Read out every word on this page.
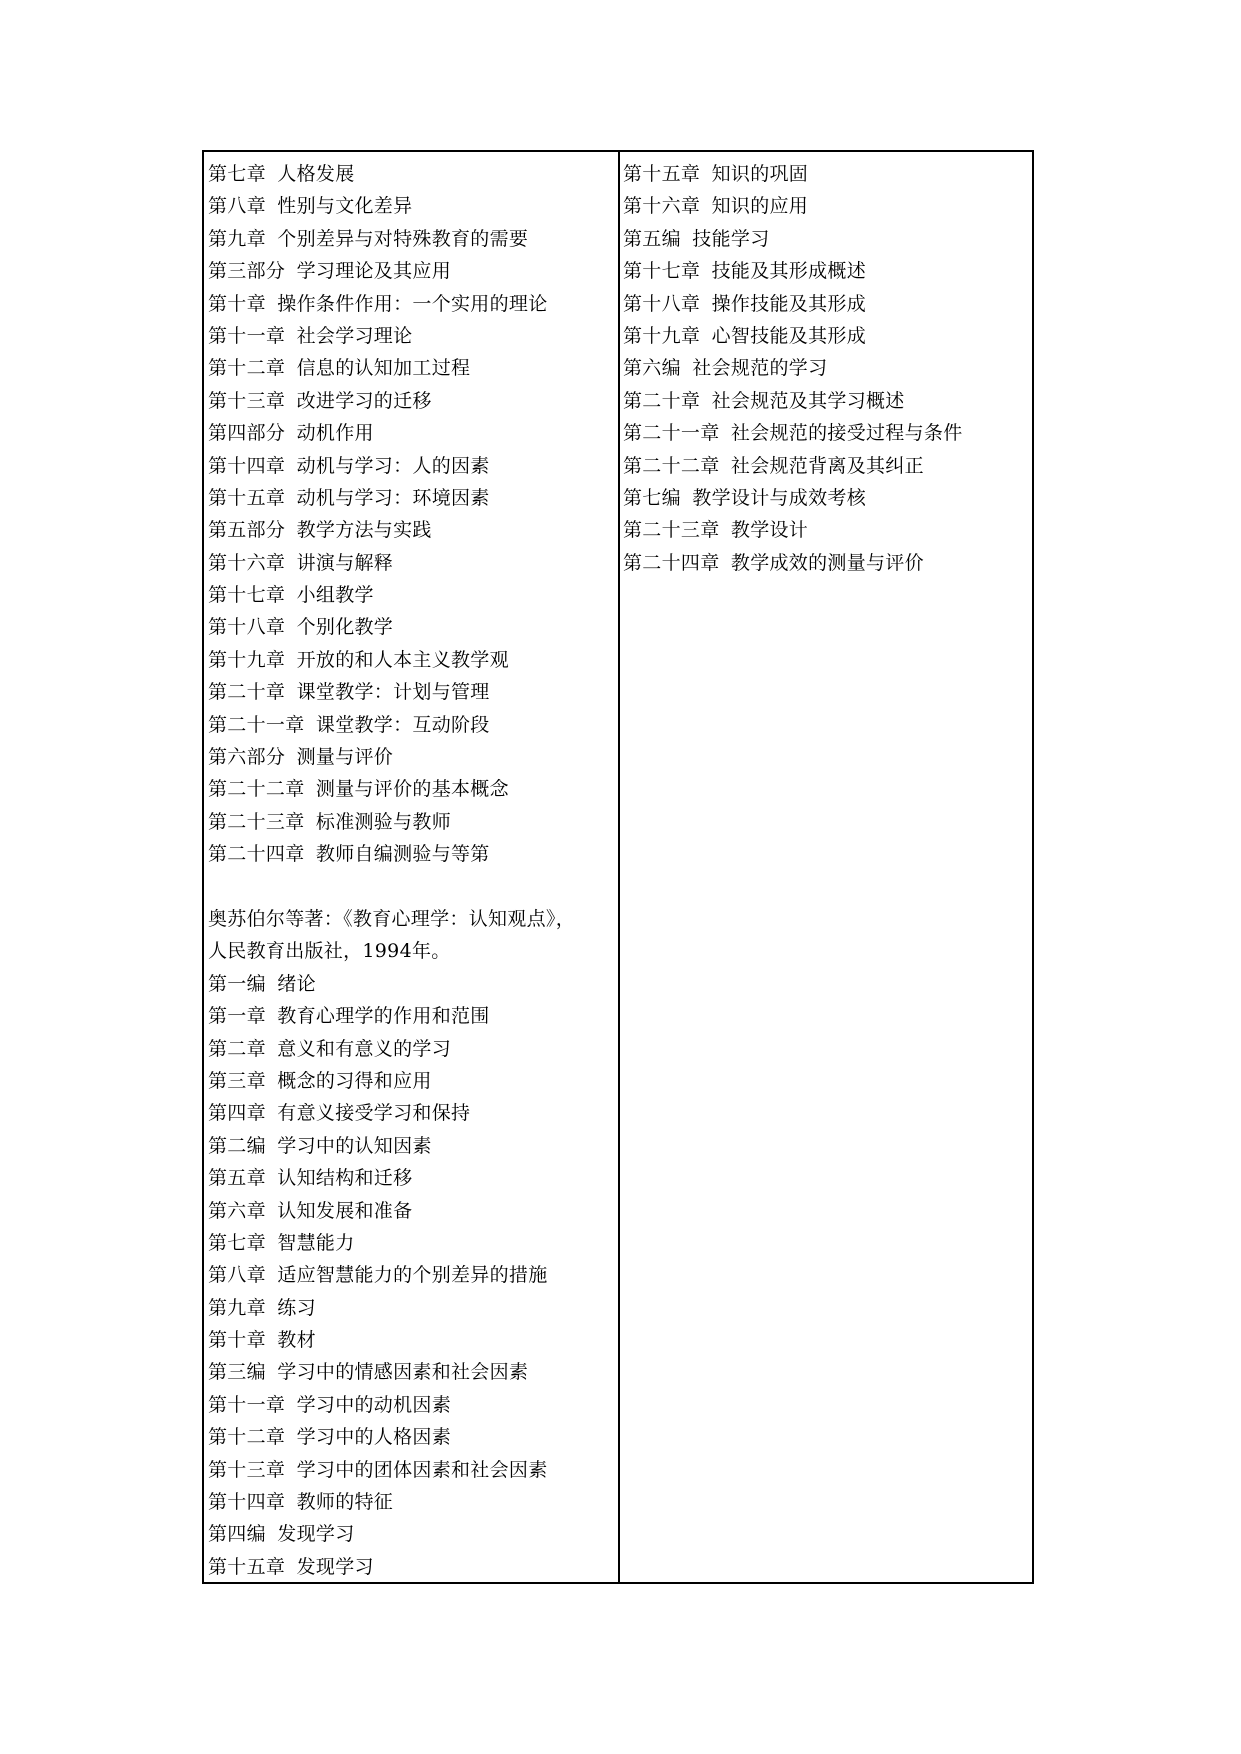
第七章 人格发展
第八章 性别与文化差异
第九章 个别差异与对特殊教育的需要
第三部分 学习理论及其应用
第十章 操作条件作用：一个实用的理论
第十一章 社会学习理论
第十二章 信息的认知加工过程
第十三章 改进学习的迁移
第四部分 动机作用
第十四章 动机与学习：人的因素
第十五章 动机与学习：环境因素
第五部分 教学方法与实践
第十六章 讲演与解释
第十七章 小组教学
第十八章 个别化教学
第十九章 开放的和人本主义教学观
第二十章 课堂教学：计划与管理
第二十一章 课堂教学：互动阶段
第六部分 测量与评价
第二十二章 测量与评价的基本概念
第二十三章 标准测验与教师
第二十四章 教师自编测验与等第
奥苏伯尔等著：《教育心理学：认知观点》，
人民教育出版社，1994年。
第一编 绪论
第一章 教育心理学的作用和范围
第二章 意义和有意义的学习
第三章 概念的习得和应用
第四章 有意义接受学习和保持
第二编 学习中的认知因素
第五章 认知结构和迁移
第六章 认知发展和准备
第七章 智慧能力
第八章 适应智慧能力的个别差异的措施
第九章 练习
第十章 教材
第三编 学习中的情感因素和社会因素
第十一章 学习中的动机因素
第十二章 学习中的人格因素
第十三章 学习中的团体因素和社会因素
第十四章 教师的特征
第四编 发现学习
第十五章 发现学习
第十五章 知识的巩固
第十六章 知识的应用
第五编 技能学习
第十七章 技能及其形成概述
第十八章 操作技能及其形成
第十九章 心智技能及其形成
第六编 社会规范的学习
第二十章 社会规范及其学习概述
第二十一章 社会规范的接受过程与条件
第二十二章 社会规范背离及其纠正
第七编 教学设计与成效考核
第二十三章 教学设计
第二十四章 教学成效的测量与评价
